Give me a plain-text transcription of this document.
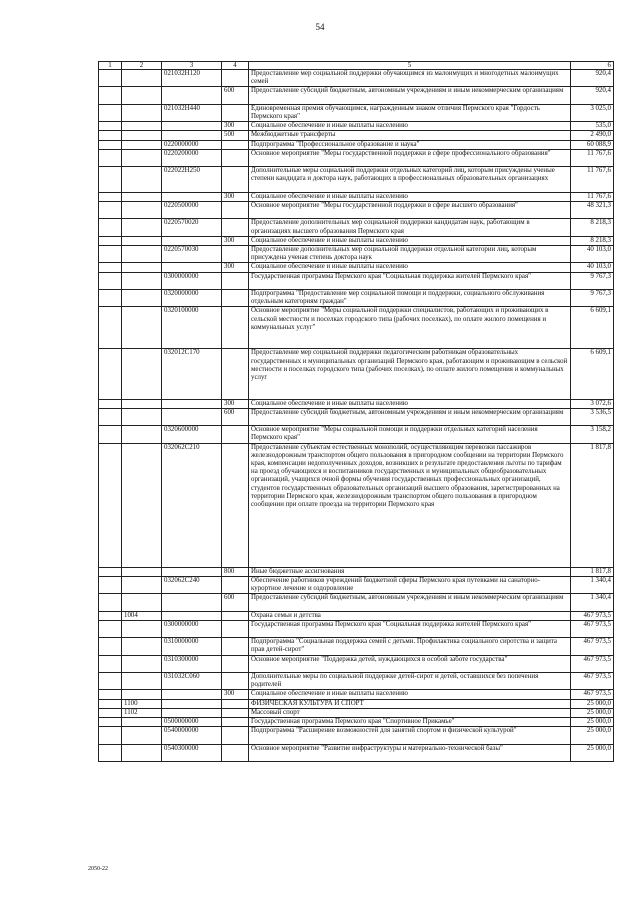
54
1	2	3	4	5	6
		021032Н120		Предоставление мер социальной поддержки обучающимся из малоимущих и многодетных малоимущих семей	920,4
			600	Предоставление субсидий бюджетным, автономным учреждениям и иным некоммерческим организациям	920,4
		021032Н440		Единовременная премия обучающимся, награжденным знаком отличия Пермского края "Гордость Пермского края"	3 025,0
			300	Социальное обеспечение и иные выплаты населению	535,0
			500	Межбюджетные трансферты	2 490,0
		0220000000		Подпрограмма "Профессиональное образование и наука"	60 088,9
		0220200000		Основное мероприятие "Меры государственной поддержки в сфере профессионального образования"	11 767,6
		022022Н250		Дополнительные меры социальной поддержки отдельных категорий лиц, которым присуждены ученые степени кандидата и доктора наук, работающих в профессиональных образовательных организациях	11 767,6
			300	Социальное обеспечение и иные выплаты населению	11 767,6
		0220500000		Основное мероприятие "Меры государственной поддержки в сфере высшего образования"	48 321,3
		0220570020		Предоставление дополнительных мер социальной поддержки кандидатам наук, работающим в организациях высшего образования Пермского края	8 218,3
			300	Социальное обеспечение и иные выплаты населению	8 218,3
		0220570030		Предоставление дополнительных мер социальной поддержки отдельной категории лиц, которым присуждена ученая степень доктора наук	40 103,0
			300	Социальное обеспечение и иные выплаты населению	40 103,0
		0300000000		Государственная программа Пермского края "Социальная поддержка жителей Пермского края"	9 767,3
		0320000000		Подпрограмма "Предоставление мер социальной помощи и поддержки, социального обслуживания отдельным категориям граждан"	9 767,3
		0320100000		Основное мероприятие "Меры социальной поддержки специалистов, работающих и проживающих в сельской местности и поселках городского типа (рабочих поселках), по оплате жилого помещения и коммунальных услуг"	6 609,1
		032012С170		Предоставление мер социальной поддержки педагогическим работникам образовательных государственных и муниципальных организаций Пермского края, работающим и проживающим в сельской местности и поселках городского типа (рабочих поселках), по оплате жилого помещения и коммунальных услуг	6 609,1
			300	Социальное обеспечение и иные выплаты населению	3 072,6
			600	Предоставление субсидий бюджетным, автономным учреждениям и иным некоммерческим организациям	3 536,5
		0320600000		Основное мероприятие "Меры социальной помощи и поддержки отдельных категорий населения Пермского края"	3 158,2
		032062С210		Предоставление субъектам естественных монополий, осуществляющим перевозки пассажиров железнодорожным транспортом общего пользования в пригородном сообщении на территории Пермского края, компенсации недополученных доходов, возникших в результате предоставления льготы по тарифам на проезд обучающихся и воспитанников государственных и муниципальных общеобразовательных организаций, учащихся очной формы обучения государственных профессиональных организаций, студентов государственных образовательных организаций высшего образования, зарегистрированных на территории Пермского края, железнодорожным транспортом общего пользования в пригородном сообщении при оплате проезда на территории Пермского края	1 817,8
			800	Иные бюджетные ассигнования	1 817,8
		032062С240		Обеспечение работников учреждений бюджетной сферы Пермского края путевками на санаторно-курортное лечение и оздоровление	1 340,4
			600	Предоставление субсидий бюджетным, автономным учреждениям и иным некоммерческим организациям	1 340,4
	1004			Охрана семьи и детства	467 973,5
		0300000000		Государственная программа Пермского края "Социальная поддержка жителей Пермского края"	467 973,5
		0310000000		Подпрограмма "Социальная поддержка семей с детьми. Профилактика социального сиротства и защита прав детей-сирот"	467 973,5
		0310300000		Основное мероприятие "Поддержка детей, нуждающихся в особой заботе государства"	467 973,5
		031032С060		Дополнительные меры по социальной поддержке детей-сирот и детей, оставшихся без попечения родителей	467 973,5
			300	Социальное обеспечение и иные выплаты населению	467 973,5
	1100			ФИЗИЧЕСКАЯ КУЛЬТУРА И СПОРТ	25 000,0
	1102			Массовый спорт	25 000,0
		0500000000		Государственная программа Пермского края "Спортивное Прикамье"	25 000,0
		0540000000		Подпрограмма "Расширение возможностей для занятий спортом и физической культурой"	25 000,0
		0540300000		Основное мероприятие "Развитие инфраструктуры и материально-технической базы"	25 000,0
2050-22
